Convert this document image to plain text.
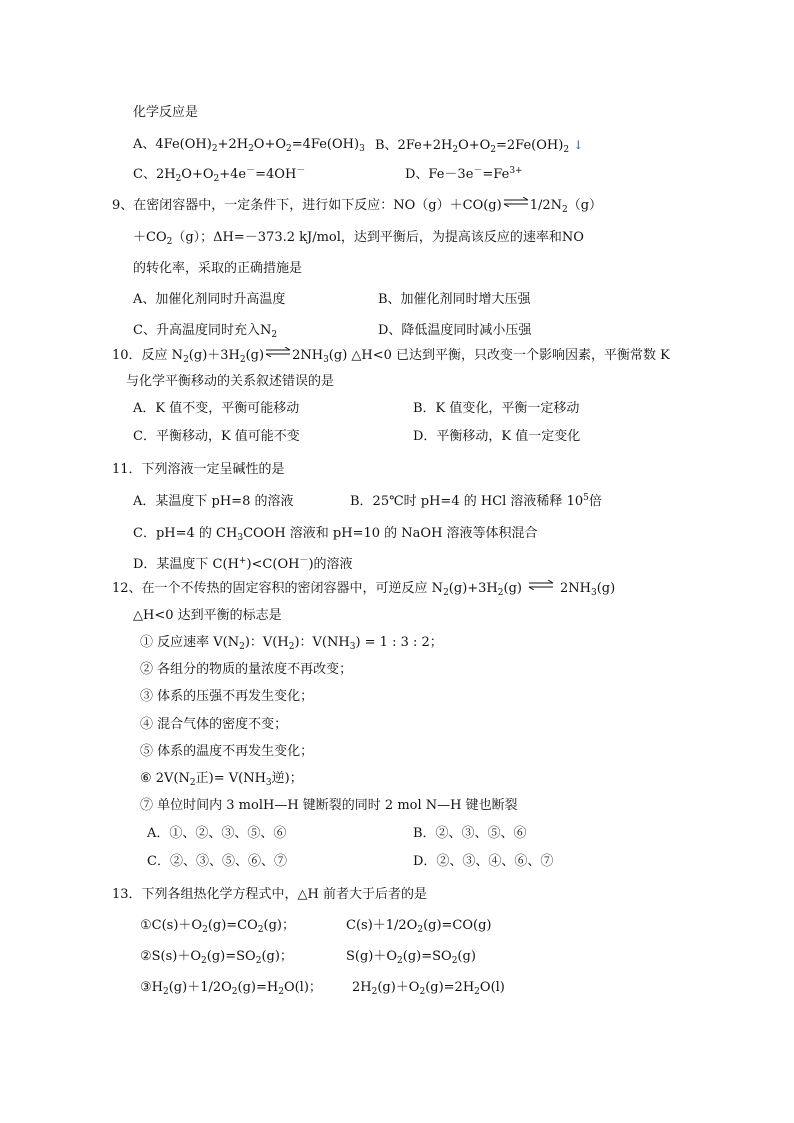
化学反应是
A、$4Fe(OH)_2+2H_2O+O_2=4Fe(OH)_3$ B、$2Fe+2H_2O+O_2=2Fe(OH)_2$ ↓
C、$2H_2O+O_2+4e^-=4OH^-$	D、$Fe-3e^-=Fe^{3+}$
9、在密闭容器中，一定条件下，进行如下反应：$NO(g)+CO(g)\rightleftharpoons 1/2N_2(g)$
$+CO_2(g)$；ΔH=－373.2 kJ/mol，达到平衡后，为提高该反应的速率和NO
的转化率，采取的正确措施是
A、加催化剂同时升高温度	B、加催化剂同时增大压强
C、升高温度同时充入$N_2$	D、降低温度同时减小压强
10．反应 $N_2(g)+3H_2(g)\rightleftharpoons 2NH_3(g)$ △H<0 已达到平衡，只改变一个影响因素，平衡常数 K
与化学平衡移动的关系叙述错误的是
A．K 值不变，平衡可能移动	B．K 值变化，平衡一定移动
C．平衡移动，K 值可能不变	D．平衡移动，K 值一定变化
11．下列溶液一定呈碱性的是
A．某温度下 pH=8 的溶液	B．25℃时 pH=4 的 HCl 溶液稀释 $10^5$倍
C．pH=4 的 $CH_3COOH$ 溶液和 pH=10 的 NaOH 溶液等体积混合
D．某温度下 C(H+)<C(OH－)的溶液
12、在一个不传热的固定容积的密闭容器中，可逆反应 $N_2(g)+3H_2(g)\rightleftharpoons 2NH_3(g)$
△H<0 达到平衡的标志是
① 反应速率 $V(N_2)$：$V(H_2)$：$V(NH_3) = 1$ : 3 : 2；
② 各组分的物质的量浓度不再改变；
③ 体系的压强不再发生变化；
④ 混合气体的密度不变；
⑤ 体系的温度不再发生变化；
⑥ $2V(N_2$正)= $V(NH_3$逆)；
⑦ 单位时间内 3 molH—H 键断裂的同时 2 mol N—H 键也断裂
A．①、②、③、⑤、⑥	B．②、③、⑤、⑥
C．②、③、⑤、⑥、⑦	D．②、③、④、⑥、⑦
13．下列各组热化学方程式中，△H 前者大于后者的是
$①C(s)+O_2(g)=CO_2(g)$；	$C(s)+1/2O_2(g)=CO(g)$
$②S(s)+O_2(g)=SO_2(g)$；	$S(g)+O_2(g)=SO_2(g)$
$③H_2(g)+1/2O_2(g)=H_2O(l)$； $2H_2(g)+O_2(g)=2H_2O(l)$
